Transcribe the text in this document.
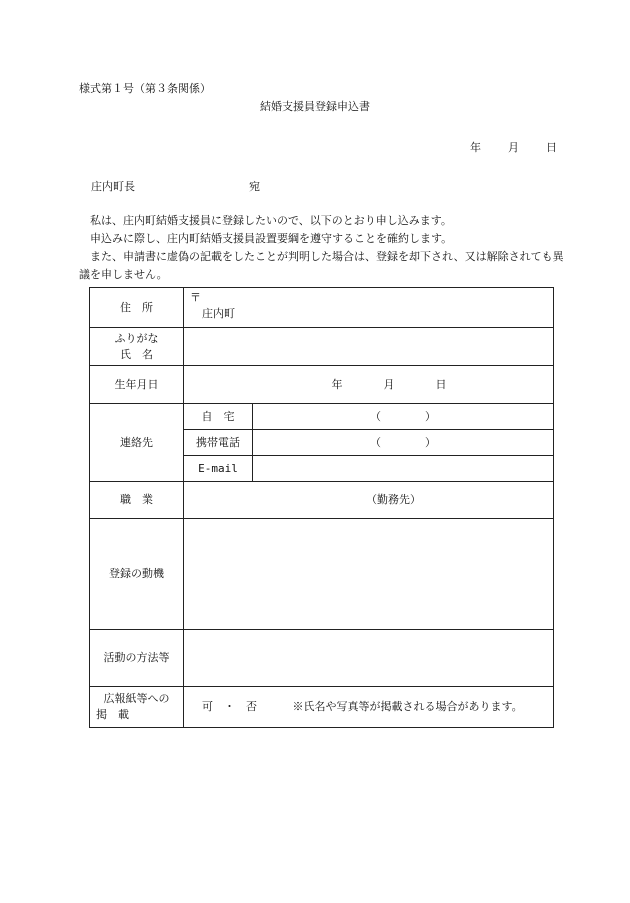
様式第１号（第３条関係）
結婚支援員登録申込書
年 月 日
庄内町長	宛
私は、庄内町結婚支援員に登録したいので、以下のとおり申し込みます。
申込みに際し、庄内町結婚支援員設置要綱を遵守することを確約します。
また、申請書に虚偽の記載をしたことが判明した場合は、登録を却下され、又は解除されても異議を申しません。
住　所	〒
庄内町	

ふりがな
氏　名		

生年月日	年 月 日	
連絡先	自　宅	（　　　　）
	携帯電話	（　　　　）
	E-mail	
職　業	（勤務先）	
登録の動機		
活動の方法等		

広報紙等への
掲　載	可　・　否 ※氏名や写真等が掲載される場合があります。	
